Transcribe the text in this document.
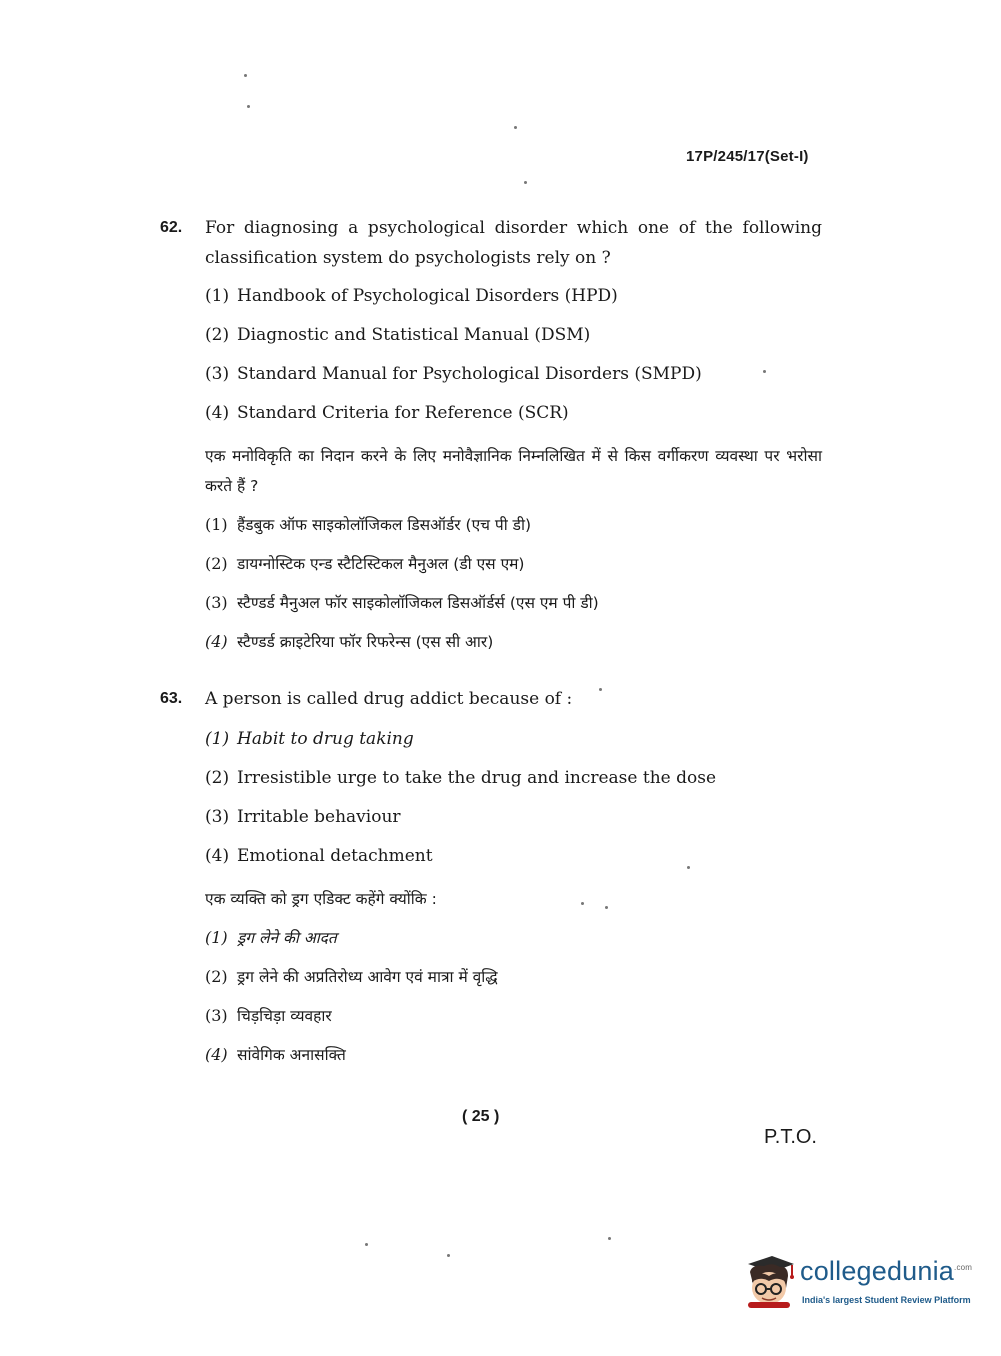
17P/245/17(Set-I)
62. For diagnosing a psychological disorder which one of the following classification system do psychologists rely on ?
(1) Handbook of Psychological Disorders (HPD)
(2) Diagnostic and Statistical Manual (DSM)
(3) Standard Manual for Psychological Disorders (SMPD)
(4) Standard Criteria for Reference (SCR)
एक मनोविकृति का निदान करने के लिए मनोवैज्ञानिक निम्नलिखित में से किस वर्गीकरण व्यवस्था पर भरोसा करते हैं ?
(1) हैंडबुक ऑफ साइकोलॉजिकल डिसऑर्डर (एच पी डी)
(2) डायग्नोस्टिक एन्ड स्टैटिस्टिकल मैनुअल (डी एस एम)
(3) स्टैण्डर्ड मैनुअल फॉर साइकोलॉजिकल डिसऑर्डर्स (एस एम पी डी)
(4) स्टैण्डर्ड क्राइटेरिया फॉर रिफरेन्स (एस सी आर)
63. A person is called drug addict because of :
(1) Habit to drug taking
(2) Irresistible urge to take the drug and increase the dose
(3) Irritable behaviour
(4) Emotional detachment
एक व्यक्ति को ड्रग एडिक्ट कहेंगे क्योंकि :
(1) ड्रग लेने की आदत
(2) ड्रग लेने की अप्रतिरोध्य आवेग एवं मात्रा में वृद्धि
(3) चिड़चिड़ा व्यवहार
(4) सांवेगिक अनासक्ति
( 25 )
P.T.O.
collegedunia$^{.com}$
India's largest Student Review Platform
